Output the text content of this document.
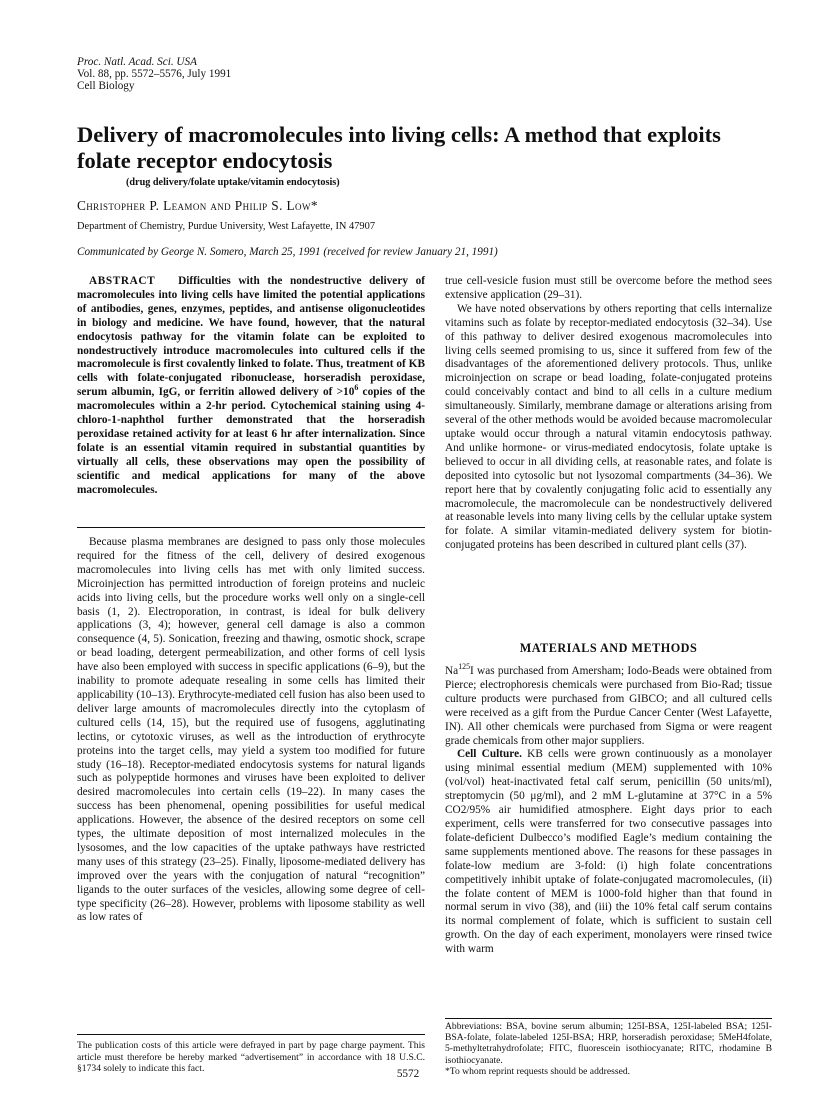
Proc. Natl. Acad. Sci. USA
Vol. 88, pp. 5572–5576, July 1991
Cell Biology
Delivery of macromolecules into living cells: A method that exploits folate receptor endocytosis
(drug delivery/folate uptake/vitamin endocytosis)
Christopher P. Leamon and Philip S. Low*
Department of Chemistry, Purdue University, West Lafayette, IN 47907
Communicated by George N. Somero, March 25, 1991 (received for review January 21, 1991)

ABSTRACT Difficulties with the nondestructive delivery of macromolecules into living cells have limited the potential applications of antibodies, genes, enzymes, peptides, and antisense oligonucleotides in biology and medicine. We have found, however, that the natural endocytosis pathway for the vitamin folate can be exploited to nondestructively introduce macromolecules into cultured cells if the macromolecule is first covalently linked to folate. Thus, treatment of KB cells with folate-conjugated ribonuclease, horseradish peroxidase, serum albumin, IgG, or ferritin allowed delivery of $>10^6$ copies of the macromolecules within a 2-hr period. Cytochemical staining using 4-chloro-1-naphthol further demonstrated that the horseradish peroxidase retained activity for at least 6 hr after internalization. Since folate is an essential vitamin required in substantial quantities by virtually all cells, these observations may open the possibility of scientific and medical applications for many of the above macromolecules.

Because plasma membranes are designed to pass only those molecules required for the fitness of the cell, delivery of desired exogenous macromolecules into living cells has met with only limited success. Microinjection has permitted introduction of foreign proteins and nucleic acids into living cells, but the procedure works well only on a single-cell basis (1, 2). Electroporation, in contrast, is ideal for bulk delivery applications (3, 4); however, general cell damage is also a common consequence (4, 5). Sonication, freezing and thawing, osmotic shock, scrape or bead loading, detergent permeabilization, and other forms of cell lysis have also been employed with success in specific applications (6–9), but the inability to promote adequate resealing in some cells has limited their applicability (10–13). Erythrocyte-mediated cell fusion has also been used to deliver large amounts of macromolecules directly into the cytoplasm of cultured cells (14, 15), but the required use of fusogens, agglutinating lectins, or cytotoxic viruses, as well as the introduction of erythrocyte proteins into the target cells, may yield a system too modified for future study (16–18). Receptor-mediated endocytosis systems for natural ligands such as polypeptide hormones and viruses have been exploited to deliver desired macromolecules into certain cells (19–22). In many cases the success has been phenomenal, opening possibilities for useful medical applications. However, the absence of the desired receptors on some cell types, the ultimate deposition of most internalized molecules in the lysosomes, and the low capacities of the uptake pathways have restricted many uses of this strategy (23–25). Finally, liposome-mediated delivery has improved over the years with the conjugation of natural “recognition” ligands to the outer surfaces of the vesicles, allowing some degree of cell-type specificity (26–28). However, problems with liposome stability as well as low rates of

The publication costs of this article were defrayed in part by page charge payment. This article must therefore be hereby marked “advertisement” in accordance with 18 U.S.C. §1734 solely to indicate this fact.

true cell-vesicle fusion must still be overcome before the method sees extensive application (29–31).

We have noted observations by others reporting that cells internalize vitamins such as folate by receptor-mediated endocytosis (32–34). Use of this pathway to deliver desired exogenous macromolecules into living cells seemed promising to us, since it suffered from few of the disadvantages of the aforementioned delivery protocols. Thus, unlike microinjection on scrape or bead loading, folate-conjugated proteins could conceivably contact and bind to all cells in a culture medium simultaneously. Similarly, membrane damage or alterations arising from several of the other methods would be avoided because macromolecular uptake would occur through a natural vitamin endocytosis pathway. And unlike hormone- or virus-mediated endocytosis, folate uptake is believed to occur in all dividing cells, at reasonable rates, and folate is deposited into cytosolic but not lysozomal compartments (34–36). We report here that by covalently conjugating folic acid to essentially any macromolecule, the macromolecule can be nondestructively delivered at reasonable levels into many living cells by the cellular uptake system for folate. A similar vitamin-mediated delivery system for biotin-conjugated proteins has been described in cultured plant cells (37).

MATERIALS AND METHODS

Na$^{125}$I was purchased from Amersham; Iodo-Beads were obtained from Pierce; electrophoresis chemicals were purchased from Bio-Rad; tissue culture products were purchased from GIBCO; and all cultured cells were received as a gift from the Purdue Cancer Center (West Lafayette, IN). All other chemicals were purchased from Sigma or were reagent grade chemicals from other major suppliers.

Cell Culture. KB cells were grown continuously as a monolayer using minimal essential medium (MEM) supplemented with 10% (vol/vol) heat-inactivated fetal calf serum, penicillin (50 units/ml), streptomycin (50 μg/ml), and 2 mM L-glutamine at 37°C in a 5% CO2/95% air humidified atmosphere. Eight days prior to each experiment, cells were transferred for two consecutive passages into folate-deficient Dulbecco’s modified Eagle’s medium containing the same supplements mentioned above. The reasons for these passages in folate-low medium are 3-fold: (i) high folate concentrations competitively inhibit uptake of folate-conjugated macromolecules, (ii) the folate content of MEM is 1000-fold higher than that found in normal serum in vivo (38), and (iii) the 10% fetal calf serum contains its normal complement of folate, which is sufficient to sustain cell growth. On the day of each experiment, monolayers were rinsed twice with warm

Abbreviations: BSA, bovine serum albumin; 125I-BSA, 125I-labeled BSA; 125I-BSA-folate, folate-labeled 125I-BSA; HRP, horseradish peroxidase; 5MeH4folate, 5-methyltetrahydrofolate; FITC, fluorescein isothiocyanate; RITC, rhodamine B isothiocyanate.

*To whom reprint requests should be addressed.

5572
